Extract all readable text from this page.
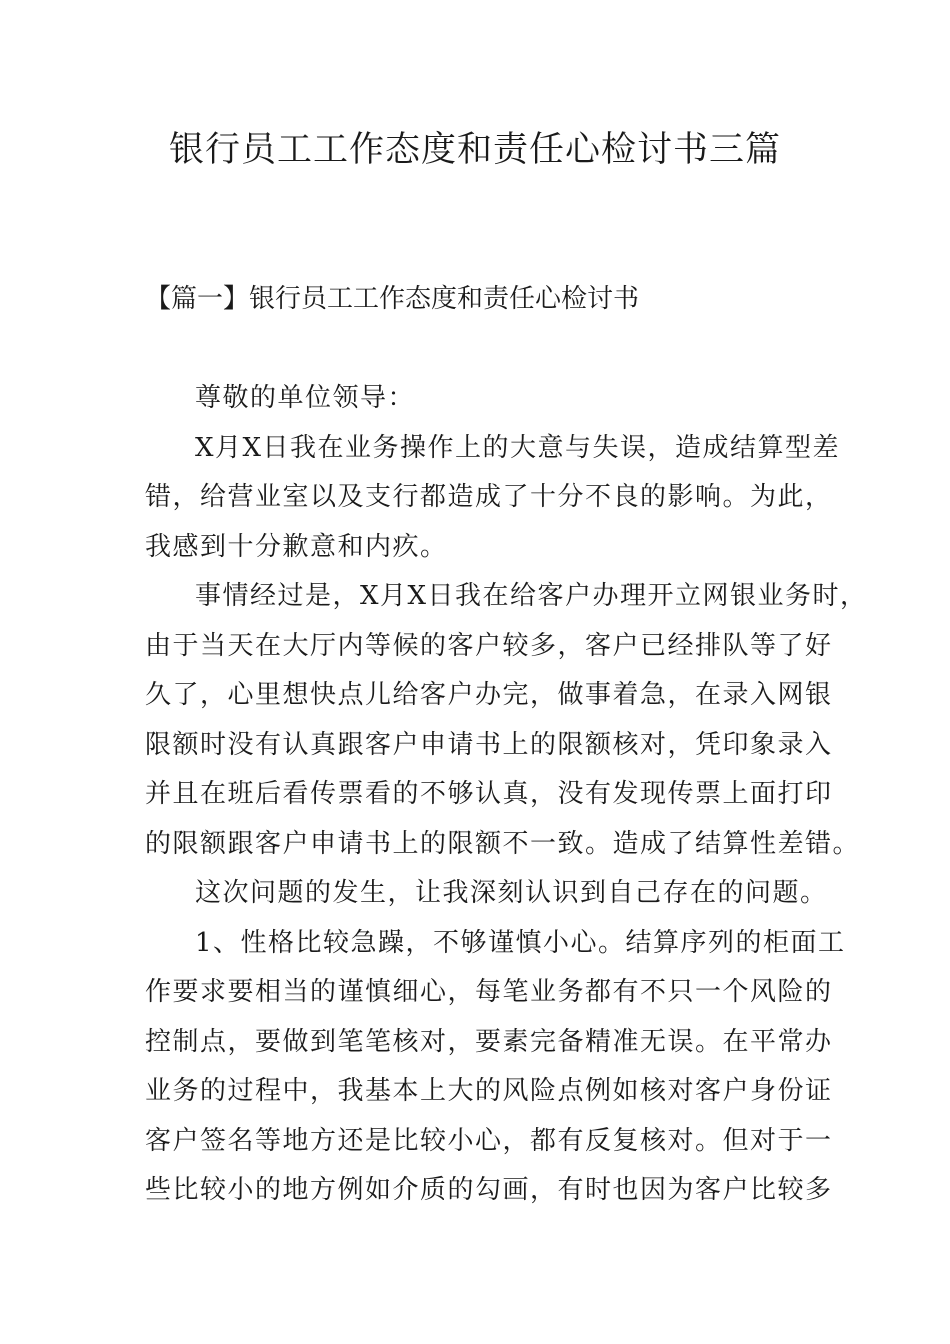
银行员工工作态度和责任心检讨书三篇

【篇一】银行员工工作态度和责任心检讨书

尊敬的单位领导：
X月X日我在业务操作上的大意与失误，造成结算型差
错，给营业室以及支行都造成了十分不良的影响。为此，
我感到十分歉意和内疚。
事情经过是，X月X日我在给客户办理开立网银业务时，
由于当天在大厅内等候的客户较多，客户已经排队等了好
久了，心里想快点儿给客户办完，做事着急，在录入网银
限额时没有认真跟客户申请书上的限额核对，凭印象录入
并且在班后看传票看的不够认真，没有发现传票上面打印
的限额跟客户申请书上的限额不一致。造成了结算性差错。
这次问题的发生，让我深刻认识到自己存在的问题。
1、性格比较急躁，不够谨慎小心。结算序列的柜面工
作要求要相当的谨慎细心，每笔业务都有不只一个风险的
控制点，要做到笔笔核对，要素完备精准无误。在平常办
业务的过程中，我基本上大的风险点例如核对客户身份证
客户签名等地方还是比较小心，都有反复核对。但对于一
些比较小的地方例如介质的勾画，有时也因为客户比较多
